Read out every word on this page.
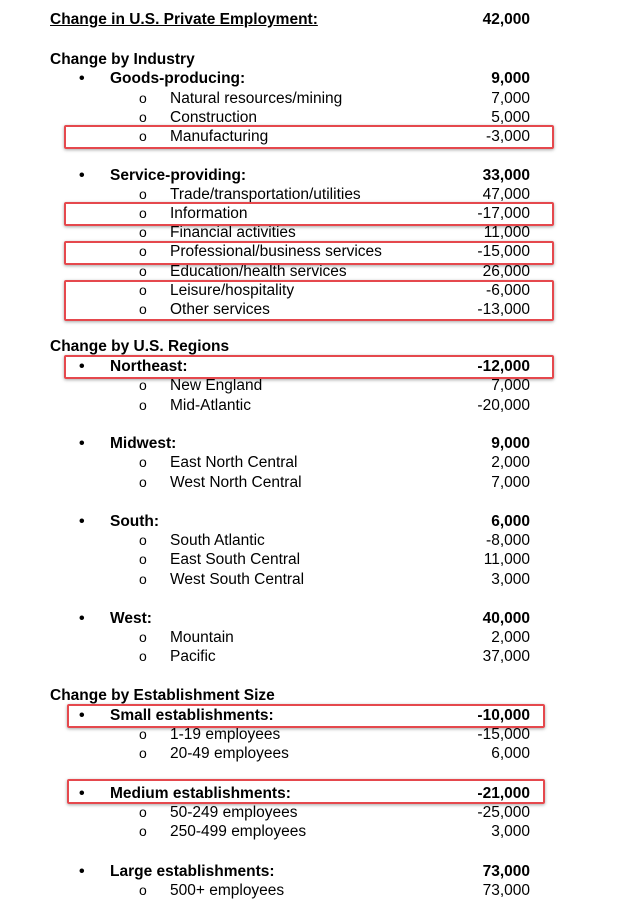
Change in U.S. Private Employment:	42,000
Change by Industry
• Goods-producing:	9,000
o Natural resources/mining	7,000
o Construction	5,000
o Manufacturing	-3,000
• Service-providing:	33,000
o Trade/transportation/utilities	47,000
o Information	-17,000
o Financial activities	11,000
o Professional/business services	-15,000
o Education/health services	26,000
o Leisure/hospitality	-6,000
o Other services	-13,000
Change by U.S. Regions
• Northeast:	-12,000
o New England	7,000
o Mid-Atlantic	-20,000
• Midwest:	9,000
o East North Central	2,000
o West North Central	7,000
• South:	6,000
o South Atlantic	-8,000
o East South Central	11,000
o West South Central	3,000
• West:	40,000
o Mountain	2,000
o Pacific	37,000
Change by Establishment Size
• Small establishments:	-10,000
o 1-19 employees	-15,000
o 20-49 employees	6,000
• Medium establishments:	-21,000
o 50-249 employees	-25,000
o 250-499 employees	3,000
• Large establishments:	73,000
o 500+ employees	73,000
